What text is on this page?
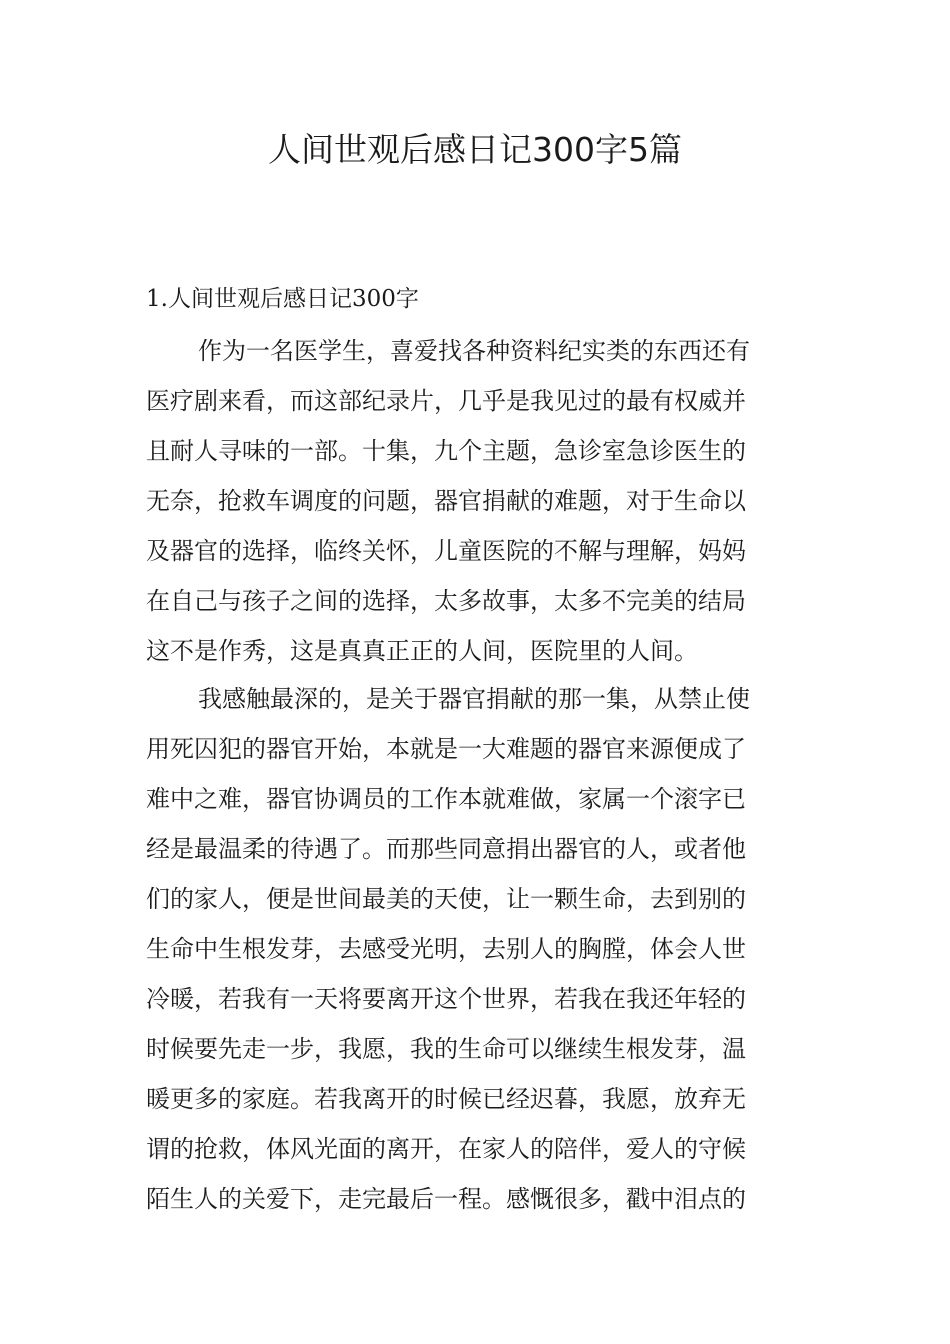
人间世观后感日记300字5篇
1.人间世观后感日记300字
作为一名医学生，喜爱找各种资料纪实类的东西还有
医疗剧来看，而这部纪录片，几乎是我见过的最有权威并
且耐人寻味的一部。十集，九个主题，急诊室急诊医生的
无奈，抢救车调度的问题，器官捐献的难题，对于生命以
及器官的选择，临终关怀，儿童医院的不解与理解，妈妈
在自己与孩子之间的选择，太多故事，太多不完美的结局
这不是作秀，这是真真正正的人间，医院里的人间。
我感触最深的，是关于器官捐献的那一集，从禁止使
用死囚犯的器官开始，本就是一大难题的器官来源便成了
难中之难，器官协调员的工作本就难做，家属一个滚字已
经是最温柔的待遇了。而那些同意捐出器官的人，或者他
们的家人，便是世间最美的天使，让一颗生命，去到别的
生命中生根发芽，去感受光明，去别人的胸膛，体会人世
冷暖，若我有一天将要离开这个世界，若我在我还年轻的
时候要先走一步，我愿，我的生命可以继续生根发芽，温
暖更多的家庭。若我离开的时候已经迟暮，我愿，放弃无
谓的抢救，体风光面的离开，在家人的陪伴，爱人的守候
陌生人的关爱下，走完最后一程。感慨很多，戳中泪点的
